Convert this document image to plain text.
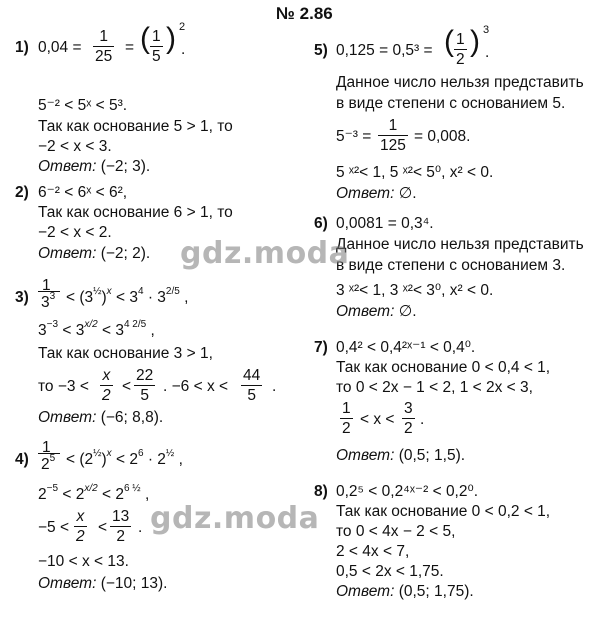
№ 2.86
1) $0,04 = \frac{1}{25}$ = ( $\frac{1}{5}$ ) 2
.
5⁻² < 5ˣ < 5³.
Так как основание 5 > 1, то
−2 < x < 3.
Ответ: (−2; 3).
2) 6⁻² < 6ˣ < 6²,
Так как основание 6 > 1, то
−2 < x < 2.
Ответ: (−2; 2).
3)
1
$3^3 < (3^{\frac{1}{2}})^x < 3^4 \cdot 3^{2/5}$ ,
$3^{-3} < 3^{x/2} < 3^{4 2/5}$ ,
Так как основание 3 > 1,
то $-3 < \frac{x}{2} < \frac{22}{5}$ . $-6 < x < \frac{44}{5}$ .
Ответ: (−6; 8,8).
4)
1
$2^5 < (2^{\frac{1}{2}})^x < 2^6 \cdot 2^{\frac{1}{2}}$ ,
$2^{-5} < 2^{x/2} < 2^{6 \frac{1}{2}}$ ,
$-5 < \frac{x}{2} < \frac{13}{2}$ .
−10 < x < 13.
Ответ: (−10; 13).
5) 0,125 = 0,5³ = ( $\frac{1}{2}$ ) 3
.
Данное число нельзя представить
в виде степени с основанием 5.
$5^{-3} = \frac{1}{125} = 0,008$.
5 ˣ²< 1, 5 ˣ²< 5⁰, x² < 0.
Ответ: ∅.
6) 0,0081 = 0,3⁴.
Данное число нельзя представить
в виде степени с основанием 3.
3 ˣ²< 1, 3 ˣ²< 3⁰, x² < 0.
Ответ: ∅.
7) 0,4² < 0,4²ˣ⁻¹ < 0,4⁰.
Так как основание 0 < 0,4 < 1,
то 0 < 2x − 1 < 2, 1 < 2x < 3,
$\frac{1}{2} < x < \frac{3}{2}$ .
Ответ: (0,5; 1,5).
8) 0,2⁵ < 0,2⁴ˣ⁻² < 0,2⁰.
Так как основание 0 < 0,2 < 1,
то 0 < 4x − 2 < 5,
2 < 4x < 7,
0,5 < 2x < 1,75.
Ответ: (0,5; 1,75).
gdz.moda
gdz.moda
